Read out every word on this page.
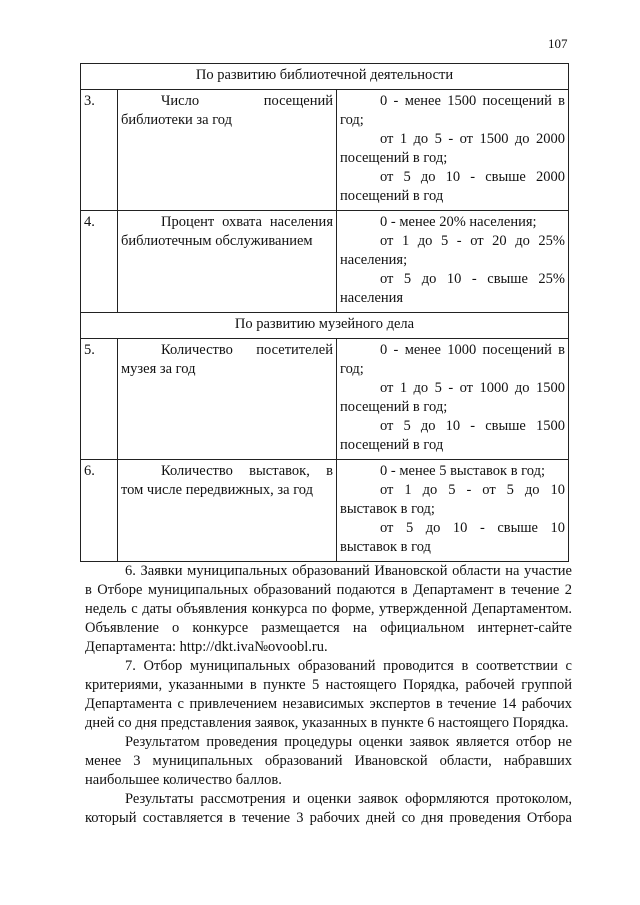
107
По развитию библиотечной деятельности		
3.	Число посещений библиотеки за год	0 - менее 1500 посещений в год;

от 1 до 5 - от 1500 до 2000 посещений в год;

от 5 до 10 - свыше 2000 посещений в год

4.	Процент охвата населения библиотечным обслуживанием	0 - менее 20% населения;

от 1 до 5 - от 20 до 25% населения;

от 5 до 10 - свыше 25% населения

По развитию музейного дела		
5.	Количество посетителей музея за год	0 - менее 1000 посещений в год;

от 1 до 5 - от 1000 до 1500 посещений в год;

от 5 до 10 - свыше 1500 посещений в год

6.	Количество выставок, в том числе передвижных, за год	0 - менее 5 выставок в год;

от 1 до 5 - от 5 до 10 выставок в год;

от 5 до 10 - свыше 10 выставок в год

6. Заявки муниципальных образований Ивановской области на участие в Отборе муниципальных образований подаются в Департамент в течение 2 недель с даты объявления конкурса по форме, утвержденной Департаментом. Объявление о конкурсе размещается на официальном интернет-сайте Департамента: http://dkt.iva№ovoobl.ru.

7. Отбор муниципальных образований проводится в соответствии с критериями, указанными в пункте 5 настоящего Порядка, рабочей группой Департамента с привлечением независимых экспертов в течение 14 рабочих дней со дня представления заявок, указанных в пункте 6 настоящего Порядка.

Результатом проведения процедуры оценки заявок является отбор не менее 3 муниципальных образований Ивановской области, набравших наибольшее количество баллов.

Результаты рассмотрения и оценки заявок оформляются протоколом, который составляется в течение 3 рабочих дней со дня проведения Отбора
